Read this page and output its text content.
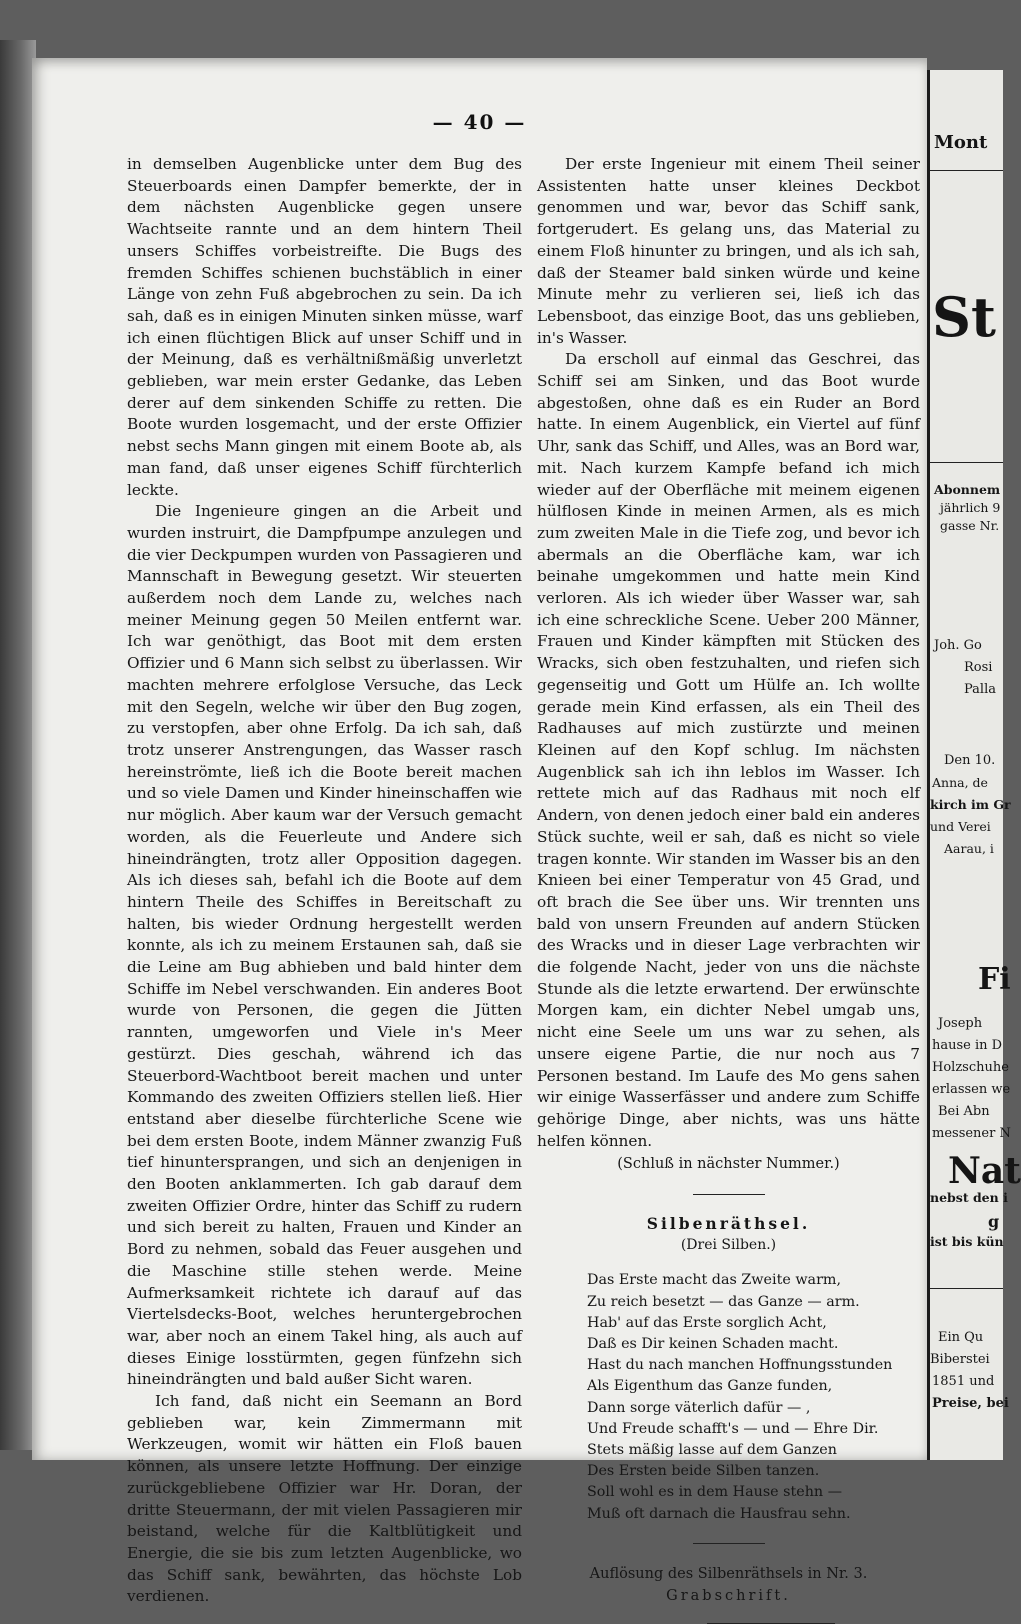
— 40 —

in demselben Augenblicke unter dem Bug des Steuerboards einen Dampfer bemerkte, der in dem nächsten Augenblicke gegen unsere Wachtseite rannte und an dem hintern Theil unsers Schiffes vorbeistreifte. Die Bugs des fremden Schiffes schienen buchstäblich in einer Länge von zehn Fuß abgebrochen zu sein. Da ich sah, daß es in einigen Minuten sinken müsse, warf ich einen flüchtigen Blick auf unser Schiff und in der Meinung, daß es verhältnißmäßig unverletzt geblieben, war mein erster Gedanke, das Leben derer auf dem sinkenden Schiffe zu retten. Die Boote wurden losgemacht, und der erste Offizier nebst sechs Mann gingen mit einem Boote ab, als man fand, daß unser eigenes Schiff fürchterlich leckte.

Die Ingenieure gingen an die Arbeit und wurden instruirt, die Dampfpumpe anzulegen und die vier Deckpumpen wurden von Passagieren und Mannschaft in Bewegung gesetzt. Wir steuerten außerdem noch dem Lande zu, welches nach meiner Meinung gegen 50 Meilen entfernt war. Ich war genöthigt, das Boot mit dem ersten Offizier und 6 Mann sich selbst zu überlassen. Wir machten mehrere erfolglose Versuche, das Leck mit den Segeln, welche wir über den Bug zogen, zu verstopfen, aber ohne Erfolg. Da ich sah, daß trotz unserer Anstrengungen, das Wasser rasch hereinströmte, ließ ich die Boote bereit machen und so viele Damen und Kinder hineinschaffen wie nur möglich. Aber kaum war der Versuch gemacht worden, als die Feuerleute und Andere sich hineindrängten, trotz aller Opposition dagegen. Als ich dieses sah, befahl ich die Boote auf dem hintern Theile des Schiffes in Bereitschaft zu halten, bis wieder Ordnung hergestellt werden konnte, als ich zu meinem Erstaunen sah, daß sie die Leine am Bug abhieben und bald hinter dem Schiffe im Nebel verschwanden. Ein anderes Boot wurde von Personen, die gegen die Jütten rannten, umgeworfen und Viele in's Meer gestürzt. Dies geschah, während ich das Steuerbord-Wachtboot bereit machen und unter Kommando des zweiten Offiziers stellen ließ. Hier entstand aber dieselbe fürchterliche Scene wie bei dem ersten Boote, indem Männer zwanzig Fuß tief hinuntersprangen, und sich an denjenigen in den Booten anklammerten. Ich gab darauf dem zweiten Offizier Ordre, hinter das Schiff zu rudern und sich bereit zu halten, Frauen und Kinder an Bord zu nehmen, sobald das Feuer ausgehen und die Maschine stille stehen werde. Meine Aufmerksamkeit richtete ich darauf auf das Viertelsdecks-Boot, welches heruntergebrochen war, aber noch an einem Takel hing, als auch auf dieses Einige losstürmten, gegen fünfzehn sich hineindrängten und bald außer Sicht waren.

Ich fand, daß nicht ein Seemann an Bord geblieben war, kein Zimmermann mit Werkzeugen, womit wir hätten ein Floß bauen können, als unsere letzte Hoffnung. Der einzige zurückgebliebene Offizier war Hr. Doran, der dritte Steuermann, der mit vielen Passagieren mir beistand, welche für die Kaltblütigkeit und Energie, die sie bis zum letzten Augenblicke, wo das Schiff sank, bewährten, das höchste Lob verdienen.

Der erste Ingenieur mit einem Theil seiner Assistenten hatte unser kleines Deckbot genommen und war, bevor das Schiff sank, fortgerudert. Es gelang uns, das Material zu einem Floß hinunter zu bringen, und als ich sah, daß der Steamer bald sinken würde und keine Minute mehr zu verlieren sei, ließ ich das Lebensboot, das einzige Boot, das uns geblieben, in's Wasser.

Da erscholl auf einmal das Geschrei, das Schiff sei am Sinken, und das Boot wurde abgestoßen, ohne daß es ein Ruder an Bord hatte. In einem Augenblick, ein Viertel auf fünf Uhr, sank das Schiff, und Alles, was an Bord war, mit. Nach kurzem Kampfe befand ich mich wieder auf der Oberfläche mit meinem eigenen hülflosen Kinde in meinen Armen, als es mich zum zweiten Male in die Tiefe zog, und bevor ich abermals an die Oberfläche kam, war ich beinahe umgekommen und hatte mein Kind verloren. Als ich wieder über Wasser war, sah ich eine schreckliche Scene. Ueber 200 Männer, Frauen und Kinder kämpften mit Stücken des Wracks, sich oben festzuhalten, und riefen sich gegenseitig und Gott um Hülfe an. Ich wollte gerade mein Kind erfassen, als ein Theil des Radhauses auf mich zustürzte und meinen Kleinen auf den Kopf schlug. Im nächsten Augenblick sah ich ihn leblos im Wasser. Ich rettete mich auf das Radhaus mit noch elf Andern, von denen jedoch einer bald ein anderes Stück suchte, weil er sah, daß es nicht so viele tragen konnte. Wir standen im Wasser bis an den Knieen bei einer Temperatur von 45 Grad, und oft brach die See über uns. Wir trennten uns bald von unsern Freunden auf andern Stücken des Wracks und in dieser Lage verbrachten wir die folgende Nacht, jeder von uns die nächste Stunde als die letzte erwartend. Der erwünschte Morgen kam, ein dichter Nebel umgab uns, nicht eine Seele um uns war zu sehen, als unsere eigene Partie, die nur noch aus 7 Personen bestand. Im Laufe des Mo gens sahen wir einige Wasserfässer und andere zum Schiffe gehörige Dinge, aber nichts, was uns hätte helfen können.

(Schluß in nächster Nummer.)
Silbenräthsel.
(Drei Silben.)
Das Erste macht das Zweite warm,
Zu reich besetzt — das Ganze — arm.
Hab' auf das Erste sorglich Acht,
Daß es Dir keinen Schaden macht.
Hast du nach manchen Hoffnungsstunden
Als Eigenthum das Ganze funden,
Dann sorge väterlich dafür — ,
Und Freude schafft's — und — Ehre Dir.
Stets mäßig lasse auf dem Ganzen
Des Ersten beide Silben tanzen.
Soll wohl es in dem Hause stehn —
Muß oft darnach die Hausfrau sehn.
Auflösung des Silbenräthsels in Nr. 3.
Grabschrift.
Mont
St
Abonnem
jährlich 9
gasse Nr.
Joh. Go
Rosi
Palla
Den 10.
Anna, de
kirch im Gr
und Verei
Aarau, i
Fi
Joseph
hause in D
Holzschuhe
erlassen we
Bei Abn
messener N
Nat
nebst den i
g
ist bis kün
Ein Qu
Biberstei
1851 und
Preise, bei
